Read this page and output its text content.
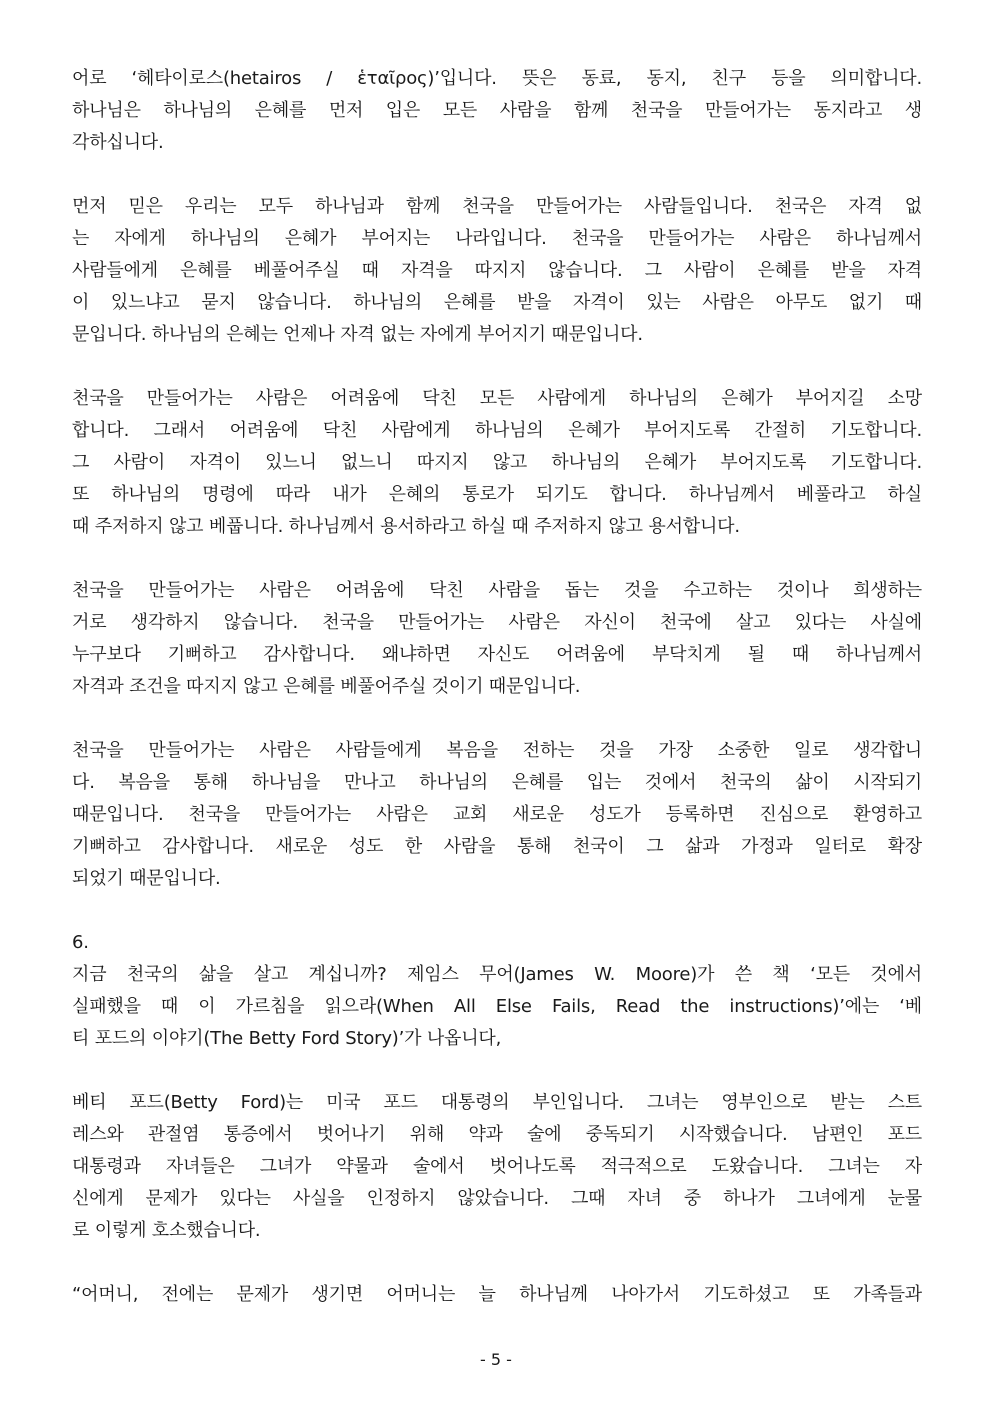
어로 ‘헤타이로스(hetairos / ἑταῖρος)’입니다. 뜻은 동료, 동지, 친구 등을 의미합니다.
하나님은 하나님의 은혜를 먼저 입은 모든 사람을 함께 천국을 만들어가는 동지라고 생
각하십니다.
먼저 믿은 우리는 모두 하나님과 함께 천국을 만들어가는 사람들입니다. 천국은 자격 없
는 자에게 하나님의 은혜가 부어지는 나라입니다. 천국을 만들어가는 사람은 하나님께서
사람들에게 은혜를 베풀어주실 때 자격을 따지지 않습니다. 그 사람이 은혜를 받을 자격
이 있느냐고 묻지 않습니다. 하나님의 은혜를 받을 자격이 있는 사람은 아무도 없기 때
문입니다. 하나님의 은혜는 언제나 자격 없는 자에게 부어지기 때문입니다.
천국을 만들어가는 사람은 어려움에 닥친 모든 사람에게 하나님의 은혜가 부어지길 소망
합니다. 그래서 어려움에 닥친 사람에게 하나님의 은혜가 부어지도록 간절히 기도합니다.
그 사람이 자격이 있느니 없느니 따지지 않고 하나님의 은혜가 부어지도록 기도합니다.
또 하나님의 명령에 따라 내가 은혜의 통로가 되기도 합니다. 하나님께서 베풀라고 하실
때 주저하지 않고 베풉니다. 하나님께서 용서하라고 하실 때 주저하지 않고 용서합니다.
천국을 만들어가는 사람은 어려움에 닥친 사람을 돕는 것을 수고하는 것이나 희생하는
거로 생각하지 않습니다. 천국을 만들어가는 사람은 자신이 천국에 살고 있다는 사실에
누구보다 기뻐하고 감사합니다. 왜냐하면 자신도 어려움에 부닥치게 될 때 하나님께서
자격과 조건을 따지지 않고 은혜를 베풀어주실 것이기 때문입니다.
천국을 만들어가는 사람은 사람들에게 복음을 전하는 것을 가장 소중한 일로 생각합니
다. 복음을 통해 하나님을 만나고 하나님의 은혜를 입는 것에서 천국의 삶이 시작되기
때문입니다. 천국을 만들어가는 사람은 교회 새로운 성도가 등록하면 진심으로 환영하고
기뻐하고 감사합니다. 새로운 성도 한 사람을 통해 천국이 그 삶과 가정과 일터로 확장
되었기 때문입니다.
6.
지금 천국의 삶을 살고 계십니까? 제임스 무어(James W. Moore)가 쓴 책 ‘모든 것에서
실패했을 때 이 가르침을 읽으라(When All Else Fails, Read the instructions)’에는 ‘베
티 포드의 이야기(The Betty Ford Story)’가 나옵니다,
베티 포드(Betty Ford)는 미국 포드 대통령의 부인입니다. 그녀는 영부인으로 받는 스트
레스와 관절염 통증에서 벗어나기 위해 약과 술에 중독되기 시작했습니다. 남편인 포드
대통령과 자녀들은 그녀가 약물과 술에서 벗어나도록 적극적으로 도왔습니다. 그녀는 자
신에게 문제가 있다는 사실을 인정하지 않았습니다. 그때 자녀 중 하나가 그녀에게 눈물
로 이렇게 호소했습니다.
“어머니, 전에는 문제가 생기면 어머니는 늘 하나님께 나아가서 기도하셨고 또 가족들과
- 5 -
